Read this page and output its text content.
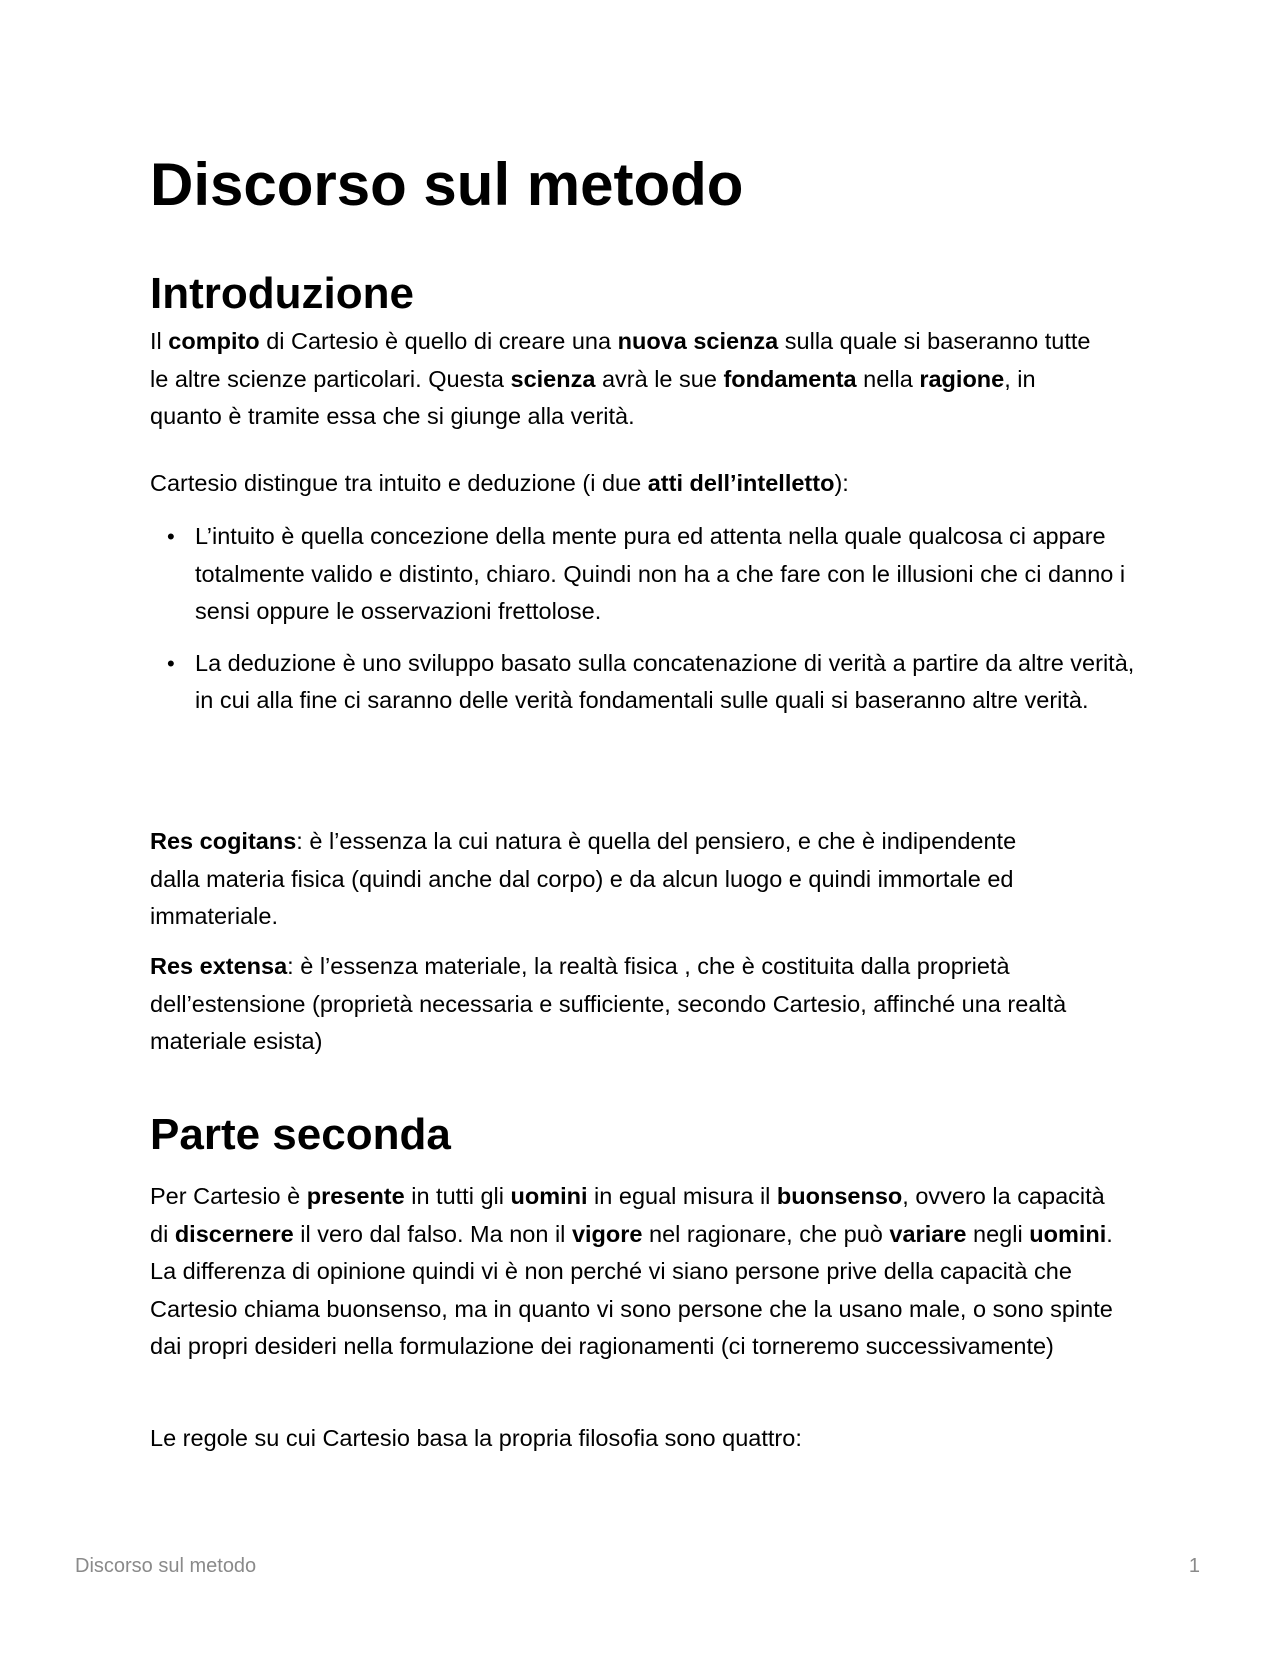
Discorso sul metodo
Introduzione

Il compito di Cartesio è quello di creare una nuova scienza sulla quale si baseranno tutte le altre scienze particolari. Questa scienza avrà le sue fondamenta nella ragione, in quanto è tramite essa che si giunge alla verità.

Cartesio distingue tra intuito e deduzione (i due atti dell’intelletto):

• L’intuito è quella concezione della mente pura ed attenta nella quale qualcosa ci appare totalmente valido e distinto, chiaro. Quindi non ha a che fare con le illusioni che ci danno i sensi oppure le osservazioni frettolose.
• La deduzione è uno sviluppo basato sulla concatenazione di verità a partire da altre verità, in cui alla fine ci saranno delle verità fondamentali sulle quali si baseranno altre verità.

Res cogitans: è l’essenza la cui natura è quella del pensiero, e che è indipendente dalla materia fisica (quindi anche dal corpo) e da alcun luogo e quindi immortale ed immateriale.

Res extensa: è l’essenza materiale, la realtà fisica , che è costituita dalla proprietà dell’estensione (proprietà necessaria e sufficiente, secondo Cartesio, affinché una realtà materiale esista)

Parte seconda

Per Cartesio è presente in tutti gli uomini in egual misura il buonsenso, ovvero la capacità di discernere il vero dal falso. Ma non il vigore nel ragionare, che può variare negli uomini. La differenza di opinione quindi vi è non perché vi siano persone prive della capacità che Cartesio chiama buonsenso, ma in quanto vi sono persone che la usano male, o sono spinte dai propri desideri nella formulazione dei ragionamenti (ci torneremo successivamente)

Le regole su cui Cartesio basa la propria filosofia sono quattro:

Discorso sul metodo	1
